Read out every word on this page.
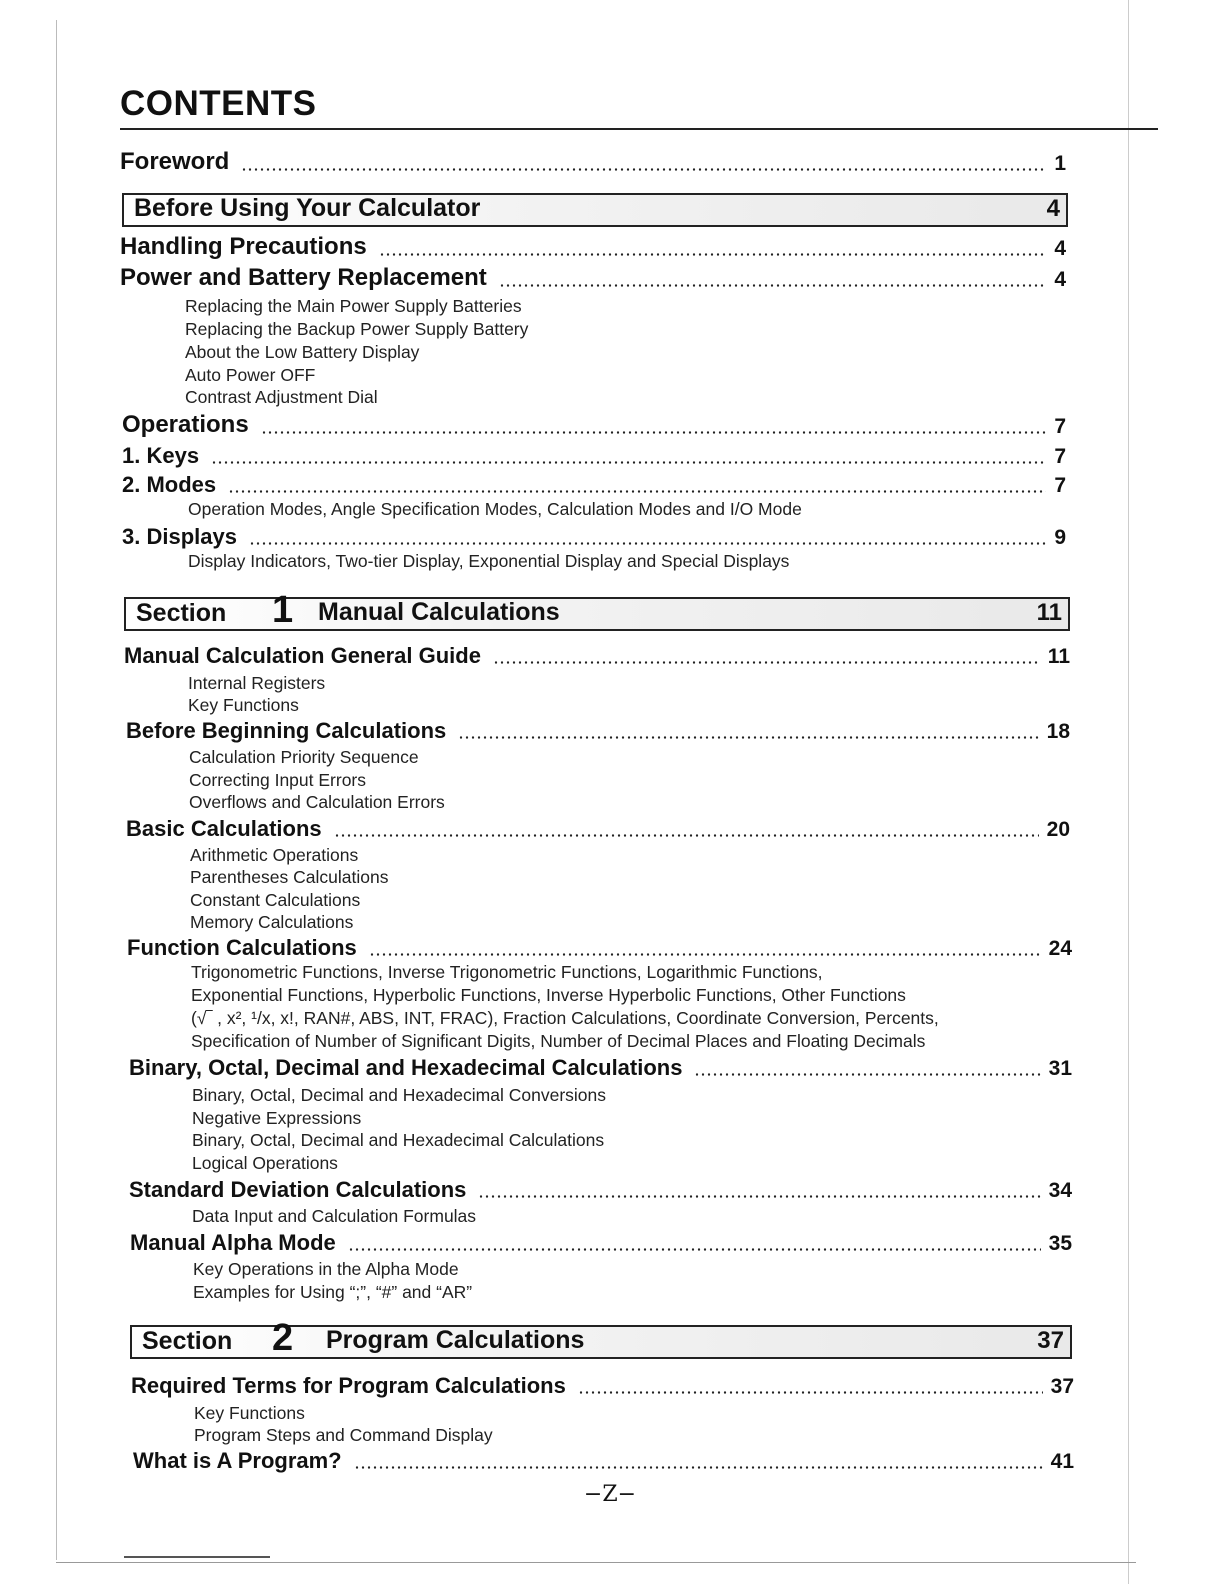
CONTENTS
Foreword	1
Before Using Your Calculator	4
Handling Precautions	4
Power and Battery Replacement	4
Replacing the Main Power Supply Batteries
Replacing the Backup Power Supply Battery
About the Low Battery Display
Auto Power OFF
Contrast Adjustment Dial
Operations	7
1. Keys	7
2. Modes	7
Operation Modes, Angle Specification Modes, Calculation Modes and I/O Mode
3. Displays	9
Display Indicators, Two-tier Display, Exponential Display and Special Displays
Section 1 Manual Calculations	11
Manual Calculation General Guide	11
Internal Registers
Key Functions
Before Beginning Calculations	18
Calculation Priority Sequence
Correcting Input Errors
Overflows and Calculation Errors
Basic Calculations	20
Arithmetic Operations
Parentheses Calculations
Constant Calculations
Memory Calculations
Function Calculations	24
Trigonometric Functions, Inverse Trigonometric Functions, Logarithmic Functions,
Exponential Functions, Hyperbolic Functions, Inverse Hyperbolic Functions, Other Functions
(√‾ , x², ¹/x, x!, RAN#, ABS, INT, FRAC), Fraction Calculations, Coordinate Conversion, Percents,
Specification of Number of Significant Digits, Number of Decimal Places and Floating Decimals
Binary, Octal, Decimal and Hexadecimal Calculations	31
Binary, Octal, Decimal and Hexadecimal Conversions
Negative Expressions
Binary, Octal, Decimal and Hexadecimal Calculations
Logical Operations
Standard Deviation Calculations	34
Data Input and Calculation Formulas
Manual Alpha Mode	35
Key Operations in the Alpha Mode
Examples for Using “;”, “#” and “AR”
Section 2 Program Calculations	37
Required Terms for Program Calculations	37
Key Functions
Program Steps and Command Display
What is A Program?	41
−Z−
